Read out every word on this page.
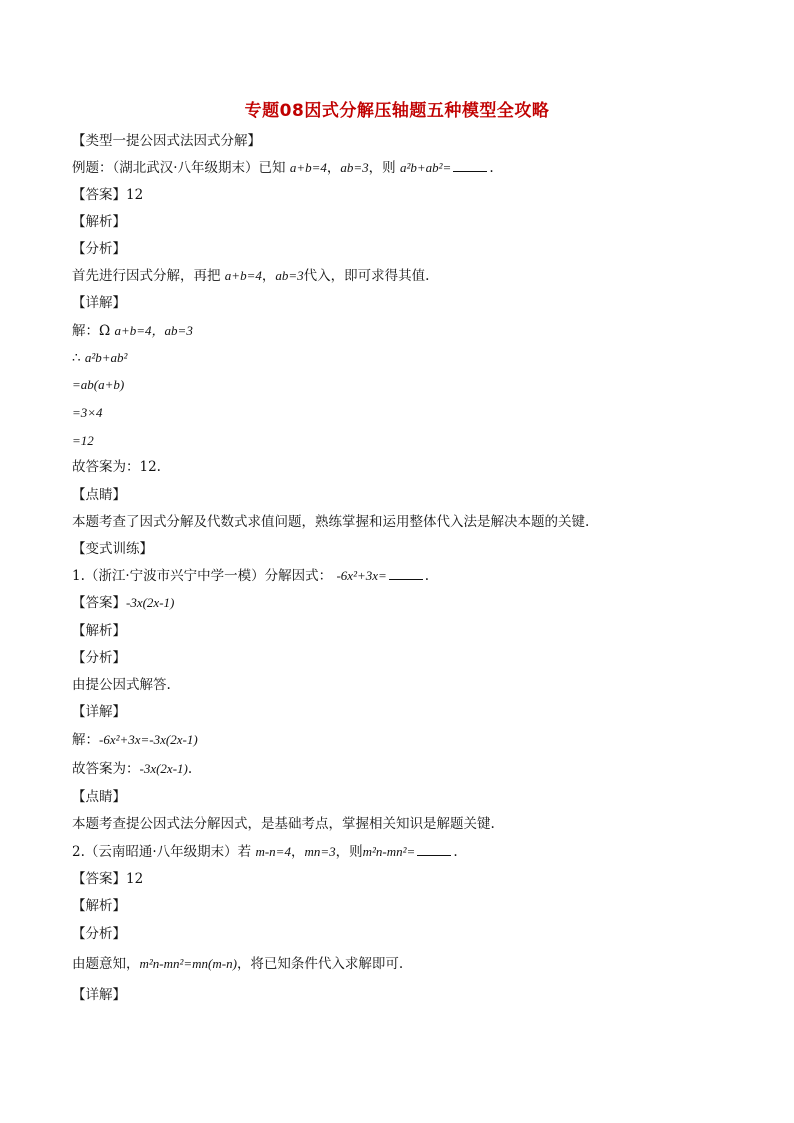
专题08因式分解压轴题五种模型全攻略
【类型一提公因式法因式分解】
例题：（湖北武汉·八年级期末）已知 a+b=4，ab=3，则 a²b+ab²=	.
【答案】12
【解析】
【分析】
首先进行因式分解，再把 a+b=4，ab=3代入，即可求得其值.
【详解】
解：Ω a+b=4，ab=3
∴ a²b+ab²
=ab(a+b)
=3×4
=12
故答案为：12.
【点睛】
本题考查了因式分解及代数式求值问题，熟练掌握和运用整体代入法是解决本题的关键.
【变式训练】
1.（浙江·宁波市兴宁中学一模）分解因式： -6x²+3x=	.
【答案】-3x(2x-1)
【解析】
【分析】
由提公因式解答.
【详解】
解：-6x²+3x=-3x(2x-1)
故答案为：-3x(2x-1).
【点睛】
本题考查提公因式法分解因式，是基础考点，掌握相关知识是解题关键.
2.（云南昭通·八年级期末）若 m-n=4，mn=3，则m²n-mn²=	.
【答案】12
【解析】
【分析】
由题意知，m²n-mn²=mn(m-n)，将已知条件代入求解即可.
【详解】
